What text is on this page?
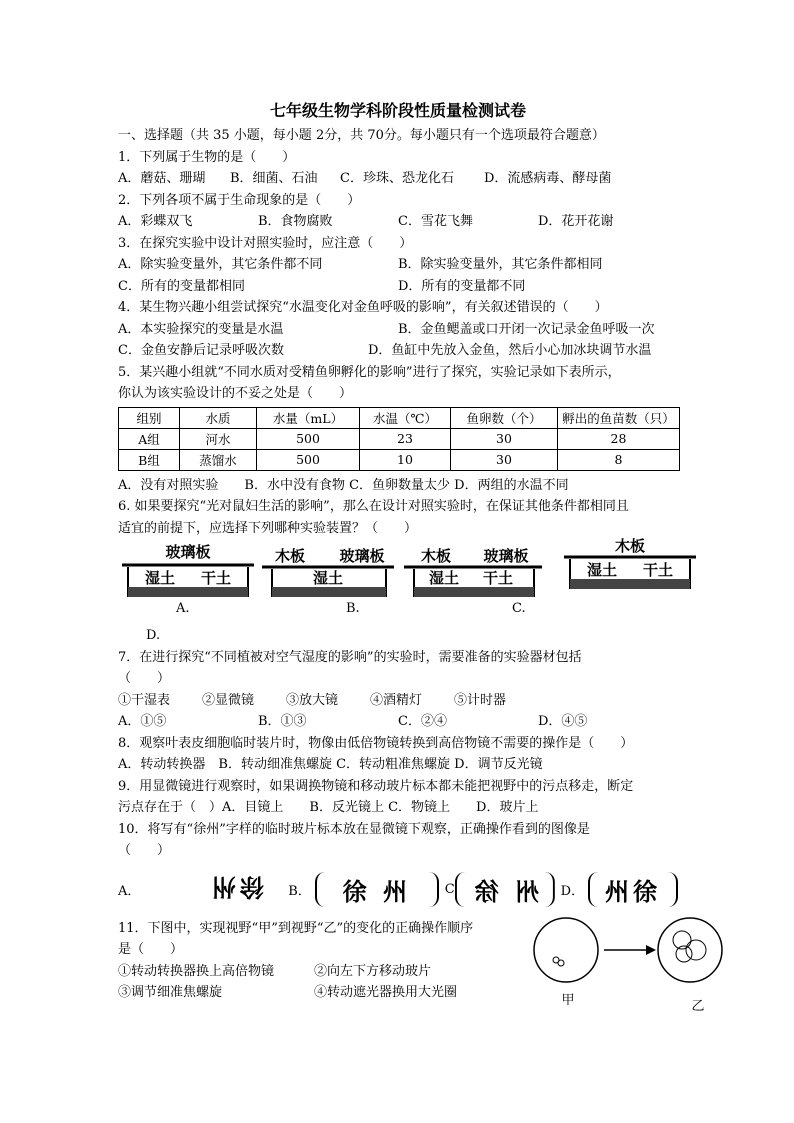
七年级生物学科阶段性质量检测试卷
一、选择题（共 35 小题，每小题 2分，共 70分。每小题只有一个选项最符合题意）
1．下列属于生物的是（　　）
A．蘑菇、珊瑚	B．细菌、石油	C．珍珠、恐龙化石	D．流感病毒、酵母菌
2．下列各项不属于生命现象的是（　　）
A．彩蝶双飞	B．食物腐败	C．雪花飞舞	D．花开花谢
3．在探究实验中设计对照实验时，应注意（　　）
A．除实验变量外，其它条件都不同	B．除实验变量外，其它条件都相同
C．所有的变量都相同	D．所有的变量都不同
4．某生物兴趣小组尝试探究“水温变化对金鱼呼吸的影响”，有关叙述错误的（　　）
A．本实验探究的变量是水温	B．金鱼鳃盖或口开闭一次记录金鱼呼吸一次
C．金鱼安静后记录呼吸次数	D．鱼缸中先放入金鱼，然后小心加冰块调节水温
5．某兴趣小组就“不同水质对受精鱼卵孵化的影响”进行了探究，实验记录如下表所示，
你认为该实验设计的不妥之处是（　　）
组别	水质	水量（mL）	水温（℃）	鱼卵数（个）	孵出的鱼苗数（只）
A组	河水	500	23	30	28
B组	蒸馏水	500	10	30	8
A．没有对照实验　　B．水中没有食物 C．鱼卵数量太少 D．两组的水温不同
6. 如果要探究“光对鼠妇生活的影响”，那么在设计对照实验时，在保证其他条件都相同且
适宜的前提下，应选择下列哪种实验装置？（　　）
玻璃板
湿土 干土
木板 玻璃板
湿土
木板 玻璃板
湿土 干土
木板
湿土 干土
A.	B.	C.
D.
7．在进行探究“不同植被对空气湿度的影响”的实验时，需要准备的实验器材包括
（　　）
①干湿表	②显微镜	③放大镜	④酒精灯	⑤计时器
A．①⑤	B．①③	C．②④	D．④⑤
8．观察叶表皮细胞临时装片时，物像由低倍物镜转换到高倍物镜不需要的操作是（　　）
A．转动转换器　B．转动细准焦螺旋 C．转动粗准焦螺旋 D．调节反光镜
9．用显微镜进行观察时，如果调换物镜和移动玻片标本都未能把视野中的污点移走，断定
污点存在于（　）A．目镜上　　B．反光镜上 C．物镜上　　D．玻片上
10．将写有“徐州”字样的临时玻片标本放在显微镜下观察，正确操作看到的图像是
（　　）
A．	徐州 B．	徐 州	C 州 徐	D． 州徐
11．下图中，实现视野“甲”到视野“乙”的变化的正确操作顺序
是（　　）
①转动转换器换上高倍物镜	②向左下方移动玻片
③调节细准焦螺旋	④转动遮光器换用大光圈	甲	乙
